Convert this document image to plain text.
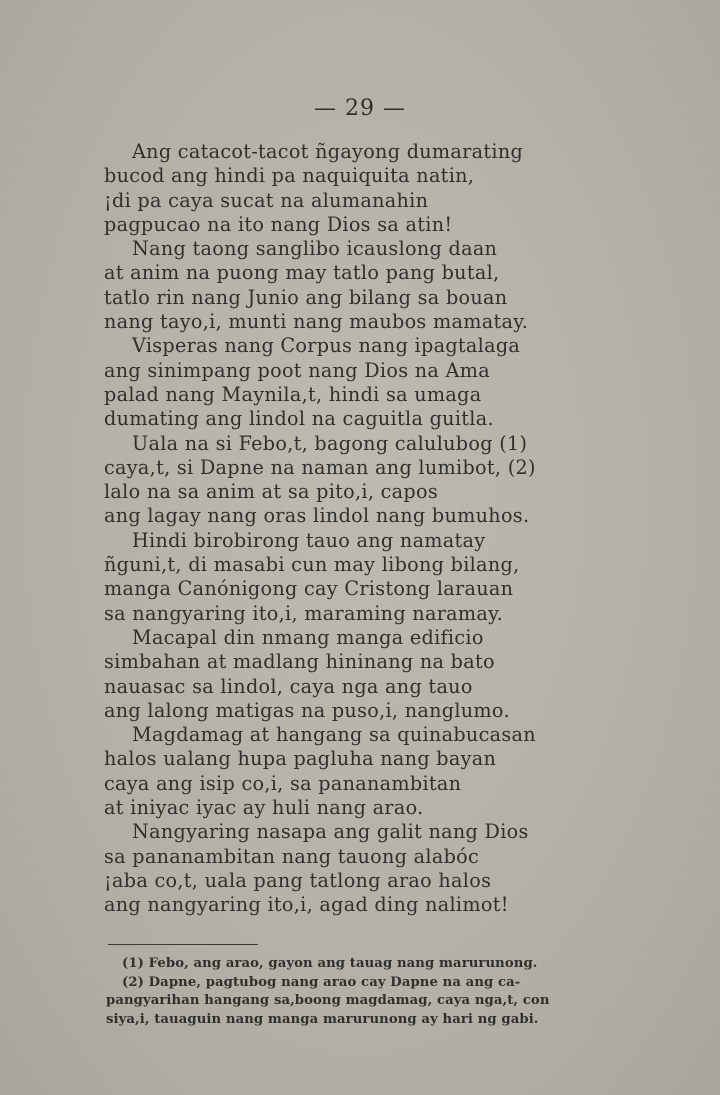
— 29 —
Ang catacot-tacot ñgayong dumarating
bucod ang hindi pa naquiquita natin,
¡di pa caya sucat na alumanahin
pagpucao na ito nang Dios sa atin!
Nang taong sanglibo icauslong daan
at anim na puong may tatlo pang butal,
tatlo rin nang Junio ang bilang sa bouan
nang tayo,i, munti nang maubos mamatay.
Visperas nang Corpus nang ipagtalaga
ang sinimpang poot nang Dios na Ama
palad nang Maynila,t, hindi sa umaga
dumating ang lindol na caguitla guitla.
Uala na si Febo,t, bagong calulubog (1)
caya,t, si Dapne na naman ang lumibot, (2)
lalo na sa anim at sa pito,i, capos
ang lagay nang oras lindol nang bumuhos.
Hindi birobirong tauo ang namatay
ñguni,t, di masabi cun may libong bilang,
manga Canónigong cay Cristong larauan
sa nangyaring ito,i, maraming naramay.
Macapal din nmang manga edificio
simbahan at madlang hininang na bato
nauasac sa lindol, caya nga ang tauo
ang lalong matigas na puso,i, nanglumo.
Magdamag at hangang sa quinabucasan
halos ualang hupa pagluha nang bayan
caya ang isip co,i, sa pananambitan
at iniyac iyac ay huli nang arao.
Nangyaring nasapa ang galit nang Dios
sa pananambitan nang tauong alabóc
¡aba co,t, uala pang tatlong arao halos
ang nangyaring ito,i, agad ding nalimot!
(1) Febo, ang arao, gayon ang tauag nang marurunong.
(2) Dapne, pagtubog nang arao cay Dapne na ang ca-
pangyarihan hangang sa,boong magdamag, caya nga,t, con
siya,i, tauaguin nang manga marurunong ay hari ng gabi.
